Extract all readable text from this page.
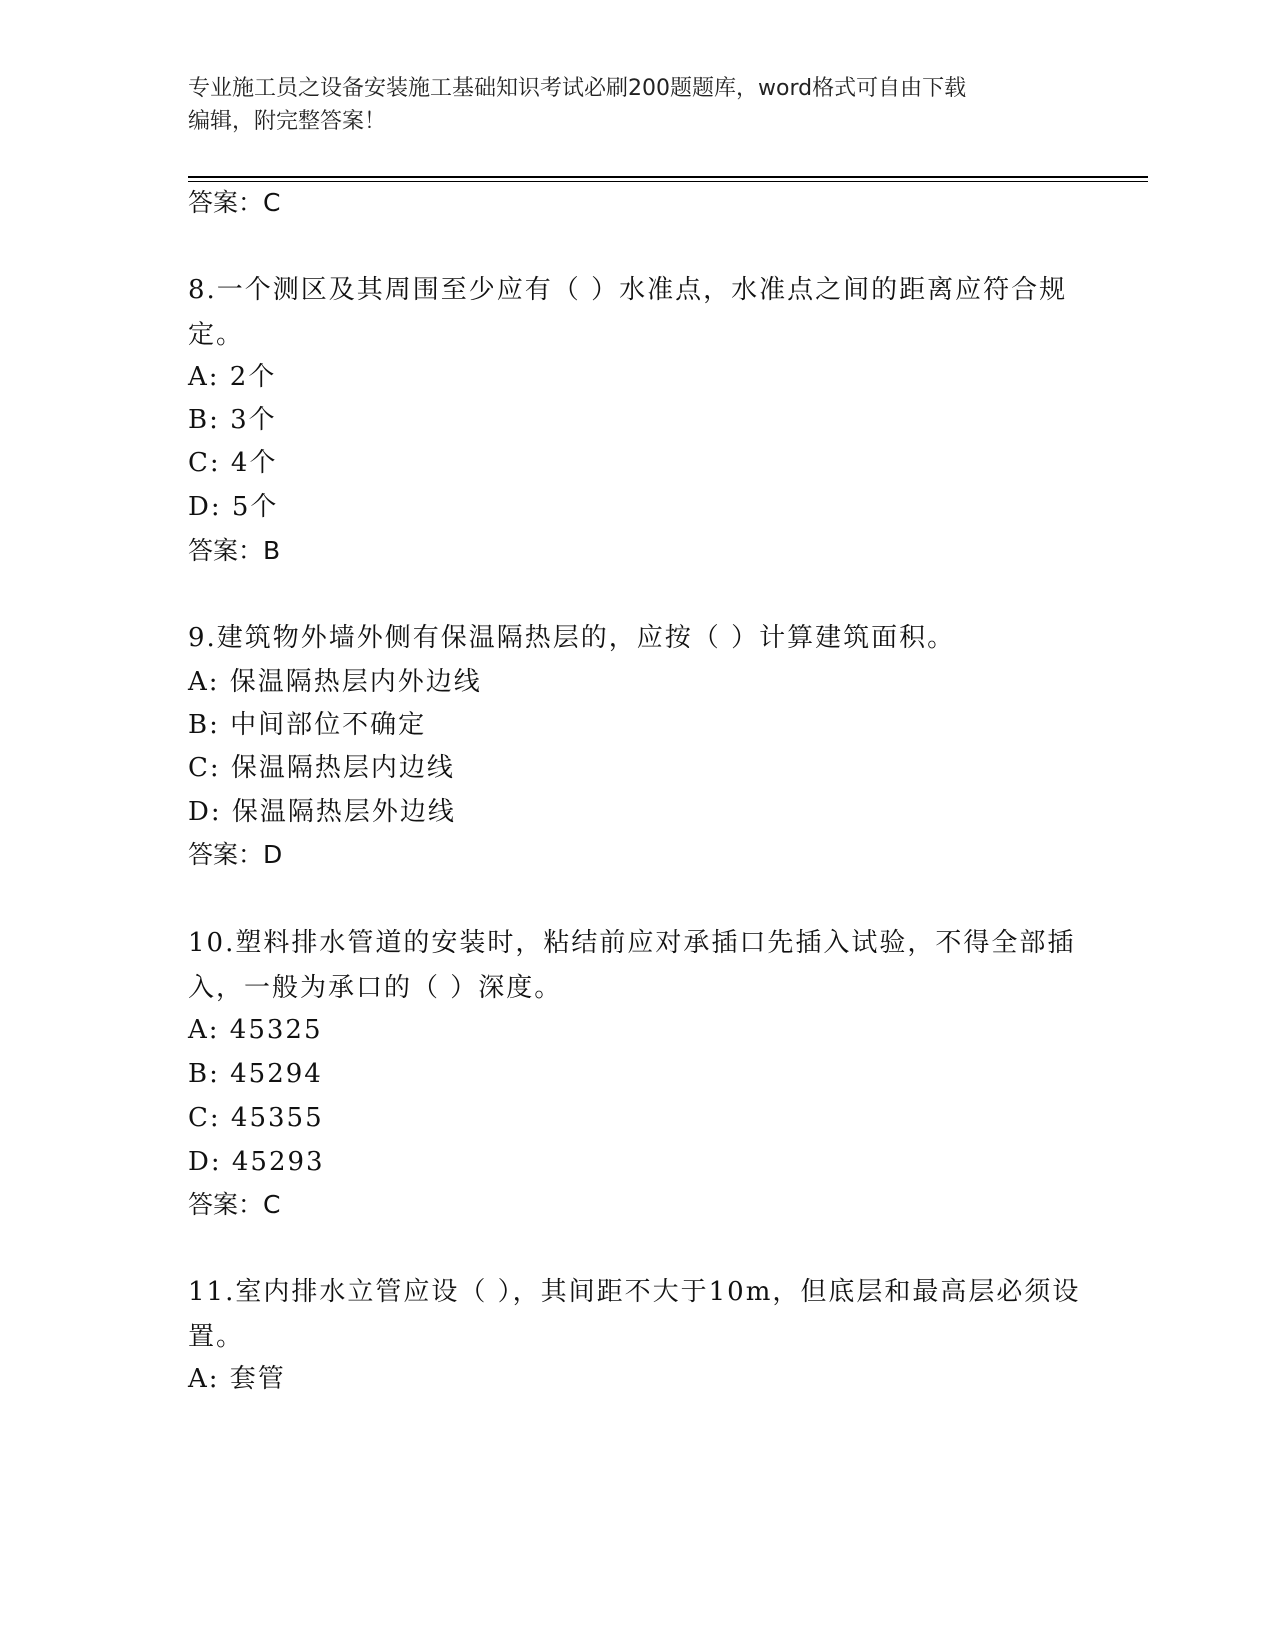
专业施工员之设备安装施工基础知识考试必刷200题题库，word格式可自由下载
编辑，附完整答案！
答案：C
8.一个测区及其周围至少应有（ ）水准点，水准点之间的距离应符合规定。
A: 2个
B: 3个
C: 4个
D: 5个
答案：B
9.建筑物外墙外侧有保温隔热层的，应按（ ）计算建筑面积。
A: 保温隔热层内外边线
B: 中间部位不确定
C: 保温隔热层内边线
D: 保温隔热层外边线
答案：D
10.塑料排水管道的安装时，粘结前应对承插口先插入试验，不得全部插入，一般为承口的（ ）深度。
A: 45325
B: 45294
C: 45355
D: 45293
答案：C
11.室内排水立管应设（ ），其间距不大于10m，但底层和最高层必须设置。
A: 套管
